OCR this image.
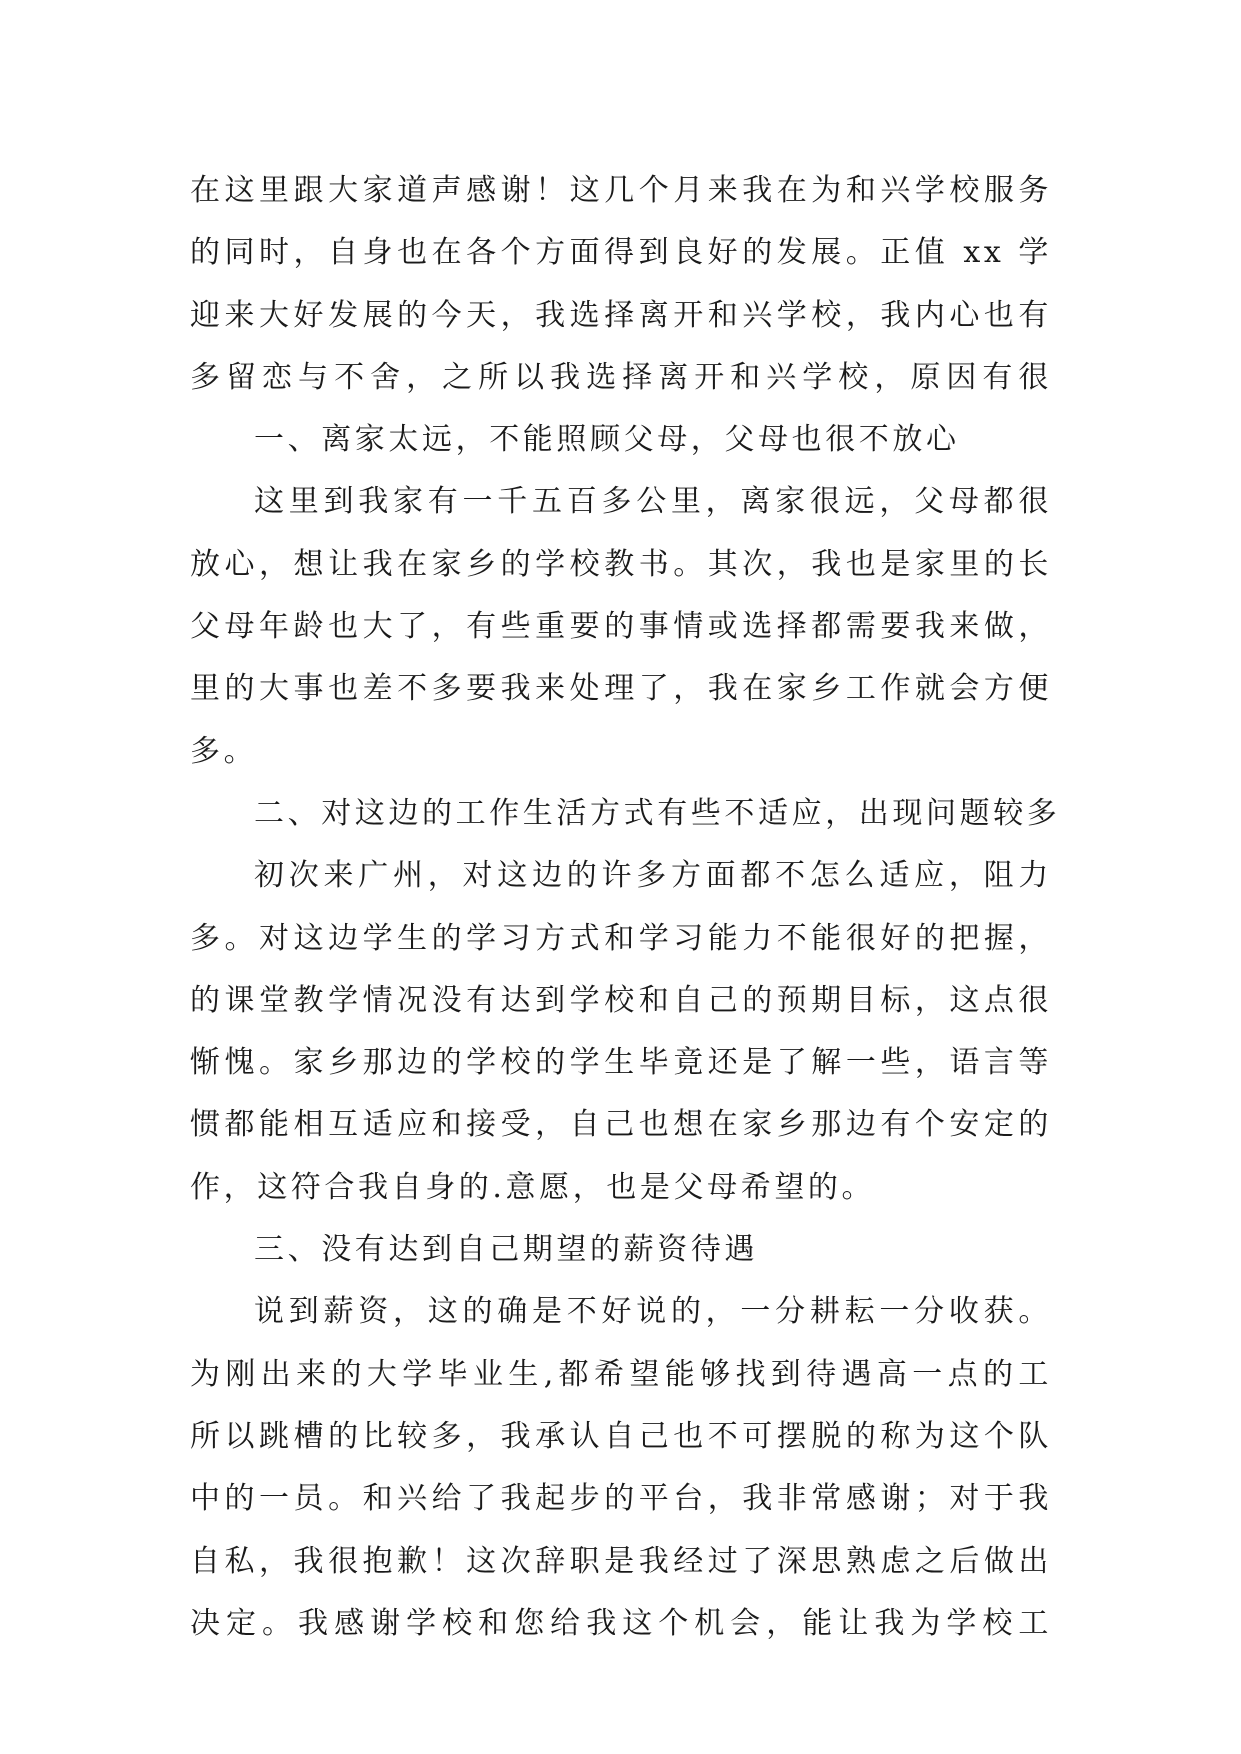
在这里跟大家道声感谢！这几个月来我在为和兴学校服务
的同时，自身也在各个方面得到良好的发展。正值 xx 学
迎来大好发展的今天，我选择离开和兴学校，我内心也有
多留恋与不舍，之所以我选择离开和兴学校，原因有很
一、离家太远，不能照顾父母，父母也很不放心
这里到我家有一千五百多公里，离家很远，父母都很
放心，想让我在家乡的学校教书。其次，我也是家里的长
父母年龄也大了，有些重要的事情或选择都需要我来做，
里的大事也差不多要我来处理了，我在家乡工作就会方便
多。
二、对这边的工作生活方式有些不适应，出现问题较多
初次来广州，对这边的许多方面都不怎么适应，阻力
多。对这边学生的学习方式和学习能力不能很好的把握，
的课堂教学情况没有达到学校和自己的预期目标，这点很
惭愧。家乡那边的学校的学生毕竟还是了解一些，语言等
惯都能相互适应和接受，自己也想在家乡那边有个安定的
作，这符合我自身的.意愿，也是父母希望的。
三、没有达到自己期望的薪资待遇
说到薪资，这的确是不好说的，一分耕耘一分收获。
为刚出来的大学毕业生,都希望能够找到待遇高一点的工
所以跳槽的比较多，我承认自己也不可摆脱的称为这个队
中的一员。和兴给了我起步的平台，我非常感谢；对于我
自私，我很抱歉！这次辞职是我经过了深思熟虑之后做出
决定。我感谢学校和您给我这个机会，能让我为学校工
